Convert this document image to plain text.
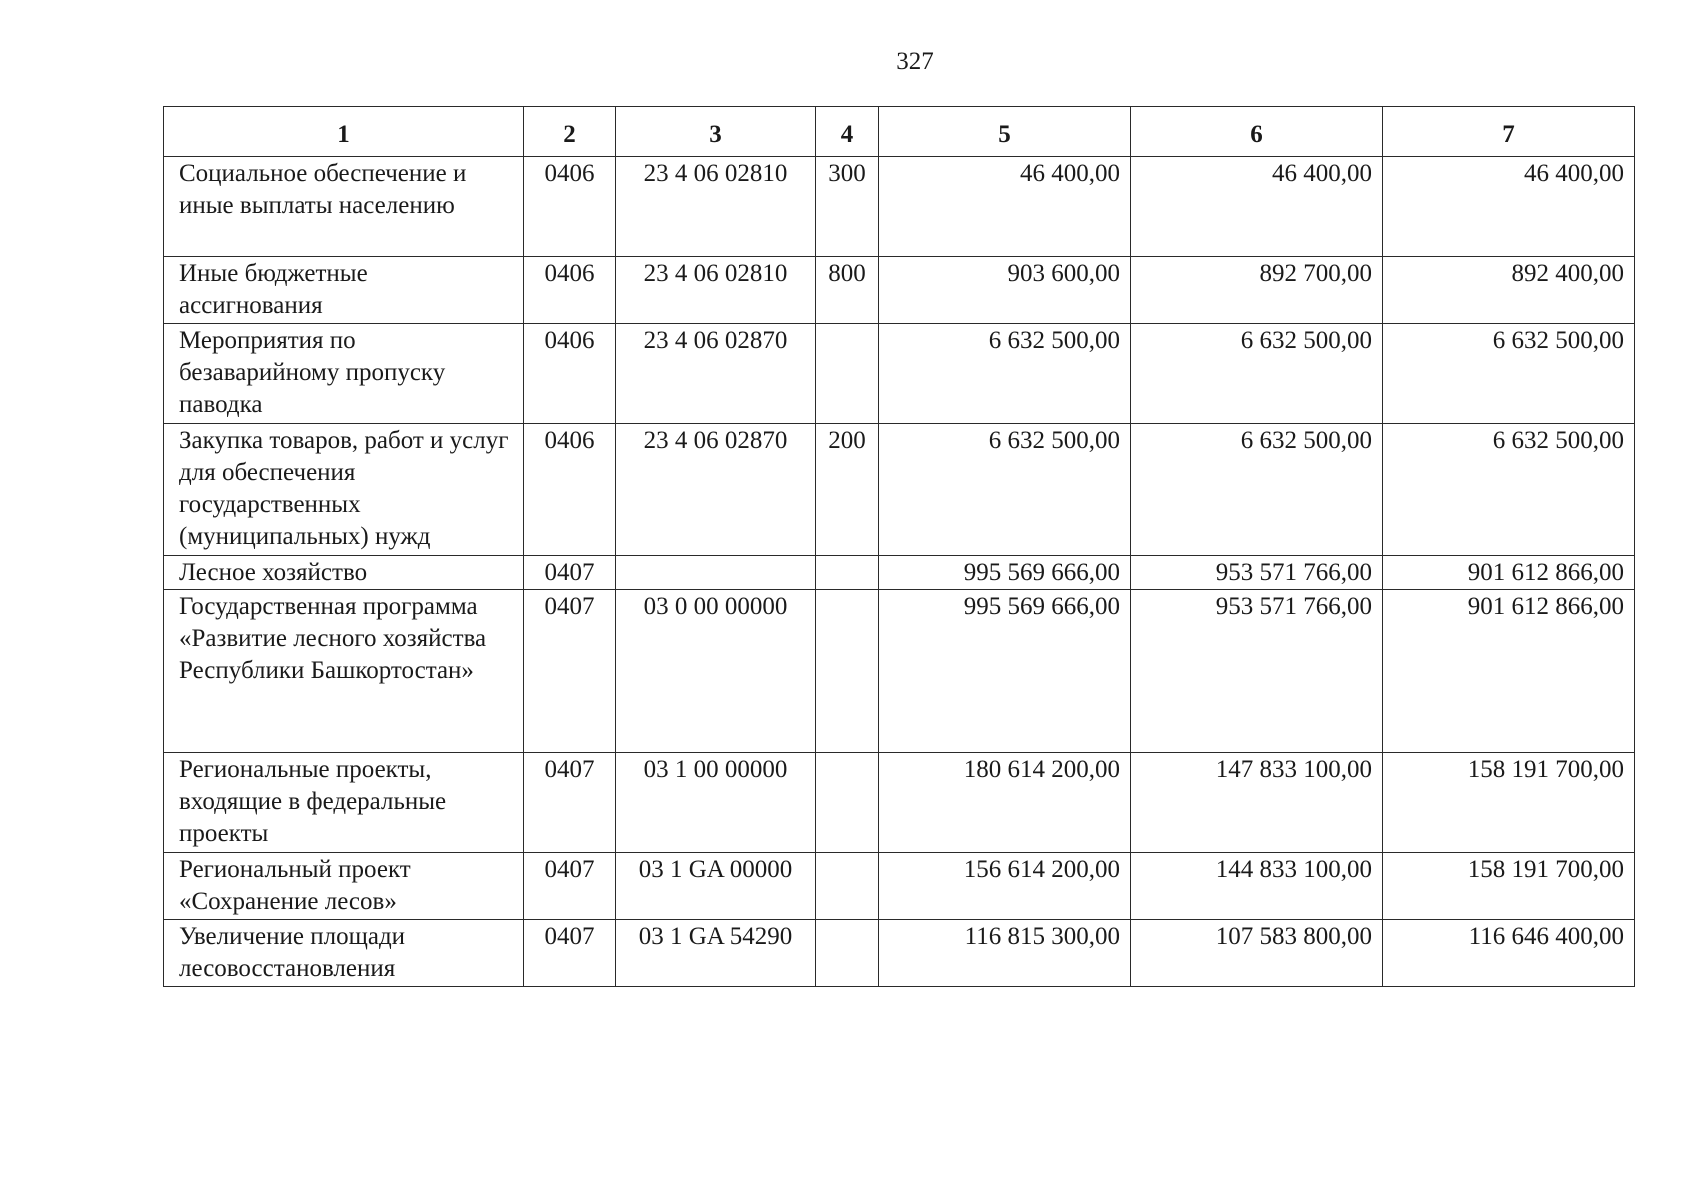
327
1	2	3	4	5	6	7
Социальное обеспечение и иные выплаты населению	0406	23 4 06 02810	300	46 400,00	46 400,00	46 400,00
Иные бюджетные ассигнования	0406	23 4 06 02810	800	903 600,00	892 700,00	892 400,00
Мероприятия по безаварийному пропуску паводка	0406	23 4 06 02870		6 632 500,00	6 632 500,00	6 632 500,00
Закупка товаров, работ и услуг для обеспечения государственных (муниципальных) нужд	0406	23 4 06 02870	200	6 632 500,00	6 632 500,00	6 632 500,00
Лесное хозяйство	0407			995 569 666,00	953 571 766,00	901 612 866,00
Государственная программа «Развитие лесного хозяйства Республики Башкортостан»	0407	03 0 00 00000		995 569 666,00	953 571 766,00	901 612 866,00
Региональные проекты, входящие в федеральные проекты	0407	03 1 00 00000		180 614 200,00	147 833 100,00	158 191 700,00
Региональный проект «Сохранение лесов»	0407	03 1 GA 00000		156 614 200,00	144 833 100,00	158 191 700,00
Увеличение площади лесовосстановления	0407	03 1 GA 54290		116 815 300,00	107 583 800,00	116 646 400,00
